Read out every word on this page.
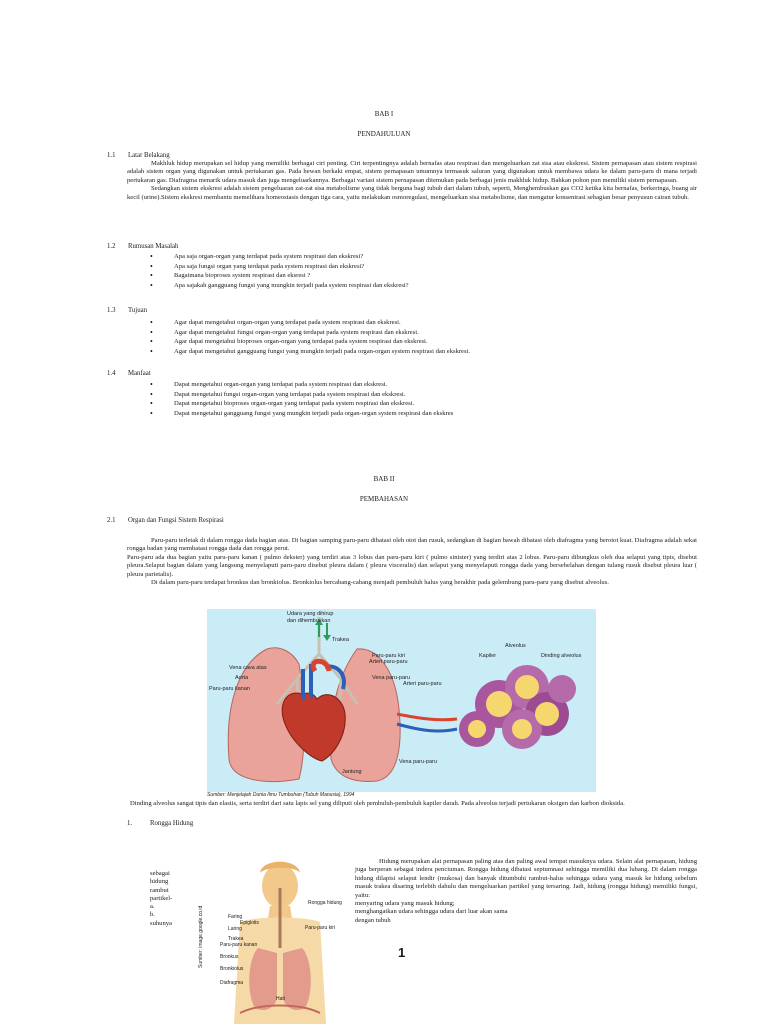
BAB I
PENDAHULUAN
1.1 Latar Belakang

Makhluk hidup merupakan sel hidup yang memiliki berbagai ciri penting. Ciri terpentingnya adalah bernafas atau respirasi dan mengeluarkan zat sisa atau ekskresi. Sistem pernapasan atau sistem respirasi adalah sistem organ yang digunakan untuk pertukaran gas. Pada hewan berkaki empat, sistem pernapasan umumnya termasuk saluran yang digunakan untuk membawa udara ke dalam paru-paru di mana terjadi pertukaran gas. Diafragma menarik udara masuk dan juga mengeluarkannya. Berbagai variasi sistem pernapasan ditemukan pada berbagai jenis makhluk hidup. Bahkan pohon pun memiliki sistem pernapasan.

Sedangkan sistem ekskresi adalah sistem pengeluaran zat-zat sisa metabolisme yang tidak berguna bagi tubuh dari dalam tubuh, seperti, Menghembuskan gas CO2 ketika kita bernafas, berkeringa, buang air kecil (urine).Sistem ekskresi membantu memelihara homeostasis dengan tiga cara, yaitu melakukan osmoregulasi, mengeluarkan sisa metabolisme, dan mengatur konsentrasi sebagian besar penyusun cairan tubuh.

1.2 Rumusan Masalah
•	Apa saja organ-organ yang terdapat pada system respirasi dan ekskresi?
•	Apa saja fungsi organ yang terdapat pada system respirasi dan ekskresi?
•	Bagaimana bioproses system respirasi dan eksresi ?
•	Apa sajakah gangguang fungsi yang mungkin terjadi pada system respirasi dan ekskresi?
1.3 Tujuan
•	Agar dapat mengetahui organ-organ yang terdapat pada system respirasi dan ekskresi.
•	Agar dapat mengetahui fungsi organ-organ yang terdapat pada system respirasi dan ekskresi.
•	Agar dapat mengetahui bioproses organ-organ yang terdapat pada system respirasi dan ekskresi.
•	Agar dapat mengetahui gangguang fungsi yang mungkin terjadi pada organ-organ system respirasi dan ekskresi.
1.4 Manfaat
•	Dapat mengetahui organ-organ yang terdapat pada system respirasi dan ekskresi.
•	Dapat mengetahui fungsi organ-organ yang terdapat pada system respirasi dan ekskresi.
•	Dapat mengetahui bioproses organ-organ yang terdapat pada system respirasi dan ekskresi.
•	Dapat mengetahui gangguang fungsi yang mungkin terjadi pada organ-organ system respirasi dan ekskres
BAB II
PEMBAHASAN
2.1 Organ dan Fungsi Sistem Respirasi

Paru-paru terletak di dalam rongga dada bagian atas. Di bagian samping paru-paru dibatasi oleh otot dan rusuk, sedangkan di bagian bawah dibatasi oleh diafragma yang berotot kuat. Diafragma adalah sekat rongga badan yang membatasi rongga dada dan rongga perut.

Paru-paru ada dua bagian yaitu paru-paru kanan ( pulmo dekster) yang terdiri atas 3 lobus dan paru-paru kiri ( pulmo sinister) yang terdiri atas 2 lobus. Paru-paru dibungkus oleh dua selaput yang tipis, disebut pleura.Selaput bagian dalam yang langsung menyelaputi paru-paru disebut pleura dalam ( pleura visceralis) dan selaput yang menyelaputi rongga dada yang bersebelahan dengan tulang rusuk disebut pleura luar ( pleura parietalis).

Di dalam paru-paru terdapat bronkus dan bronkiolus. Bronkiolus bercabang-cabang menjadi pembuluh halus yang berakhir pada gelembung paru-paru yang disebut alveolus.

Udara yang dihirup
dan dihembuskan
Trakea
Paru-paru kiri
Arteri paru-paru
Vena cava atas
Aorta
Paru-paru kanan
Vena paru-paru
Arteri paru-paru
Alveolus
Kapiler	Dinding alveolus
Vena paru-paru
Jantung
Sumber: Menjelajah Dunia Ilmu Tumbuhan (Tubuh Manusia), 1994
Dinding alveolus sangat tipis dan elastis, serta terdiri dari satu lapis sel yang diliputi oleh pembuluh-pembuluh kapiler darah. Pada alveolus terjadi pertukaran oksigen dan karbon dioksida.
1.	Rongga Hidung

Hidung merupakan alat pernapasan paling atas dan paling awal tempat masuknya udara. Selain alat pernapasan, hidung juga berperan sebagai indera penciuman. Rongga hidung dibatasi septumnasi sehingga memiliki dua lubang. Di dalam rongga hidung dilapisi selaput lendir (mukosa) dan banyak ditumbuhi rambut-halus sehingga udara yang masuk ke hidung sebelum masuk trakea disaring terlebih dahulu dan mengeluarkan partikel yang tersaring. Jadi, hidung (rongga hidung) memiliki fungsi, yaitu:

menyaring udara yang masuk hidung;

menghangatkan udara sehingga udara dari luar akan sama

dengan tubuh

sebagai
hidung
rambut
partikel-
a.
b.
suhunya	Sumber: image.google.co.id
Rongga hidung
Faring
Epiglotis
Paru-paru kiri
Laring
Trakea
Paru-paru kanan
Bronkus
Bronkiolus
Diafragma
Hati
1
